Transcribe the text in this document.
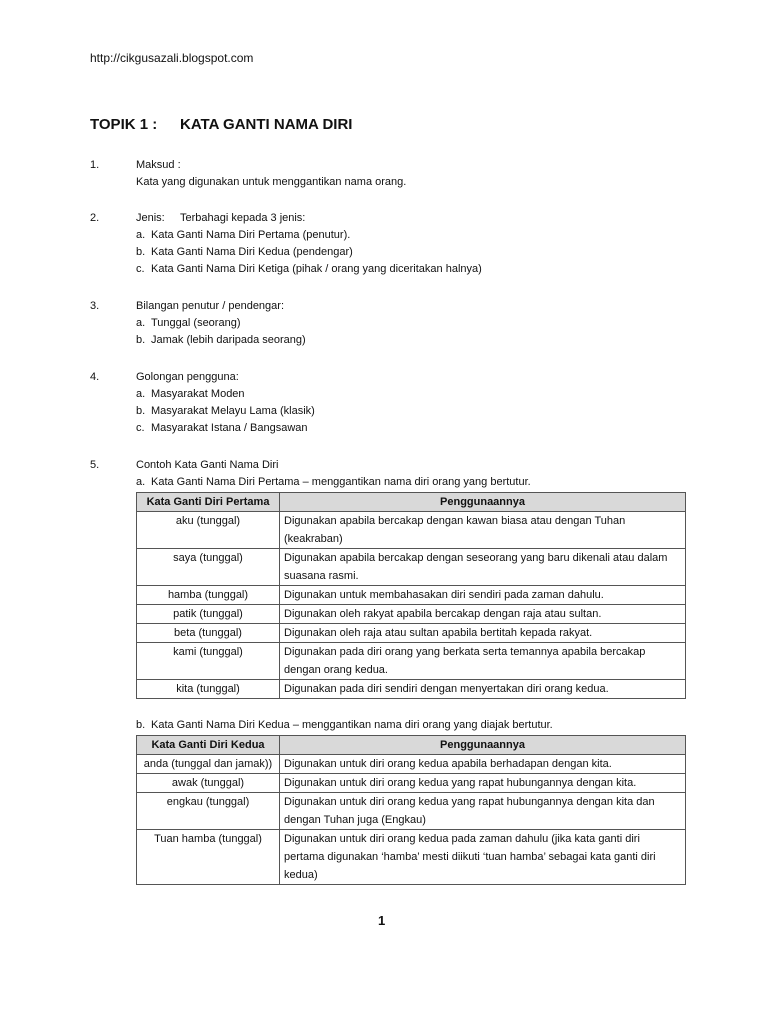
http://cikgusazali.blogspot.com
TOPIK 1 : KATA GANTI NAMA DIRI
1.	Maksud :
Kata yang digunakan untuk menggantikan nama orang.
2.	Jenis: Terbahagi kepada 3 jenis:
a. Kata Ganti Nama Diri Pertama (penutur).
b. Kata Ganti Nama Diri Kedua (pendengar)
c. Kata Ganti Nama Diri Ketiga (pihak / orang yang diceritakan halnya)
3.	Bilangan penutur / pendengar:
a. Tunggal (seorang)
b. Jamak (lebih daripada seorang)
4.	Golongan pengguna:
a. Masyarakat Moden
b. Masyarakat Melayu Lama (klasik)
c. Masyarakat Istana / Bangsawan
5.	Contoh Kata Ganti Nama Diri
a. Kata Ganti Nama Diri Pertama – menggantikan nama diri orang yang bertutur.
Kata Ganti Diri Pertama	Penggunaannya
aku (tunggal)	Digunakan apabila bercakap dengan kawan biasa atau dengan Tuhan (keakraban)
saya (tunggal)	Digunakan apabila bercakap dengan seseorang yang baru dikenali atau dalam suasana rasmi.
hamba (tunggal)	Digunakan untuk membahasakan diri sendiri pada zaman dahulu.
patik (tunggal)	Digunakan oleh rakyat apabila bercakap dengan raja atau sultan.
beta (tunggal)	Digunakan oleh raja atau sultan apabila bertitah kepada rakyat.
kami (tunggal)	Digunakan pada diri orang yang berkata serta temannya apabila bercakap dengan orang kedua.
kita (tunggal)	Digunakan pada diri sendiri dengan menyertakan diri orang kedua.
b. Kata Ganti Nama Diri Kedua – menggantikan nama diri orang yang diajak bertutur.
Kata Ganti Diri Kedua	Penggunaannya
anda (tunggal dan jamak))	Digunakan untuk diri orang kedua apabila berhadapan dengan kita.
awak (tunggal)	Digunakan untuk diri orang kedua yang rapat hubungannya dengan kita.
engkau (tunggal)	Digunakan untuk diri orang kedua yang rapat hubungannya dengan kita dan dengan Tuhan juga (Engkau)
Tuan hamba (tunggal)	Digunakan untuk diri orang kedua pada zaman dahulu (jika kata ganti diri pertama digunakan ‘hamba’ mesti diikuti ‘tuan hamba’ sebagai kata ganti diri kedua)
1
